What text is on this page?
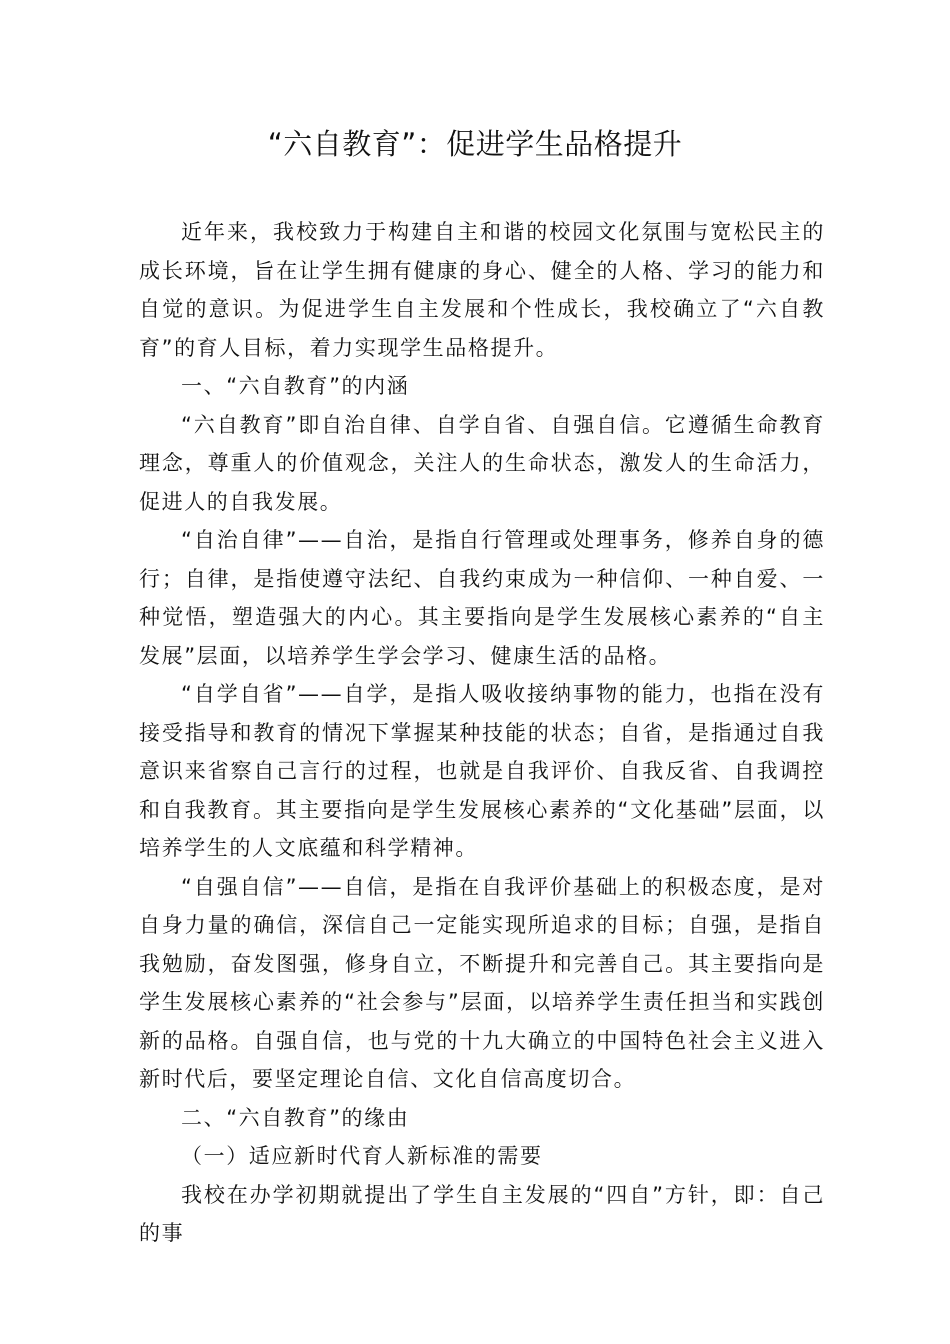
“六自教育”：促进学生品格提升

近年来，我校致力于构建自主和谐的校园文化氛围与宽松民主的成长环境，旨在让学生拥有健康的身心、健全的人格、学习的能力和自觉的意识。为促进学生自主发展和个性成长，我校确立了“六自教育”的育人目标，着力实现学生品格提升。

一、“六自教育”的内涵

“六自教育”即自治自律、自学自省、自强自信。它遵循生命教育理念，尊重人的价值观念，关注人的生命状态，激发人的生命活力，促进人的自我发展。

“自治自律”——自治，是指自行管理或处理事务，修养自身的德行；自律，是指使遵守法纪、自我约束成为一种信仰、一种自爱、一种觉悟，塑造强大的内心。其主要指向是学生发展核心素养的“自主发展”层面，以培养学生学会学习、健康生活的品格。

“自学自省”——自学，是指人吸收接纳事物的能力，也指在没有接受指导和教育的情况下掌握某种技能的状态；自省，是指通过自我意识来省察自己言行的过程，也就是自我评价、自我反省、自我调控和自我教育。其主要指向是学生发展核心素养的“文化基础”层面，以培养学生的人文底蕴和科学精神。

“自强自信”——自信，是指在自我评价基础上的积极态度，是对自身力量的确信，深信自己一定能实现所追求的目标；自强，是指自我勉励，奋发图强，修身自立，不断提升和完善自己。其主要指向是学生发展核心素养的“社会参与”层面，以培养学生责任担当和实践创新的品格。自强自信，也与党的十九大确立的中国特色社会主义进入新时代后，要坚定理论自信、文化自信高度切合。

二、“六自教育”的缘由

（一）适应新时代育人新标准的需要

我校在办学初期就提出了学生自主发展的“四自”方针，即：自己的事
